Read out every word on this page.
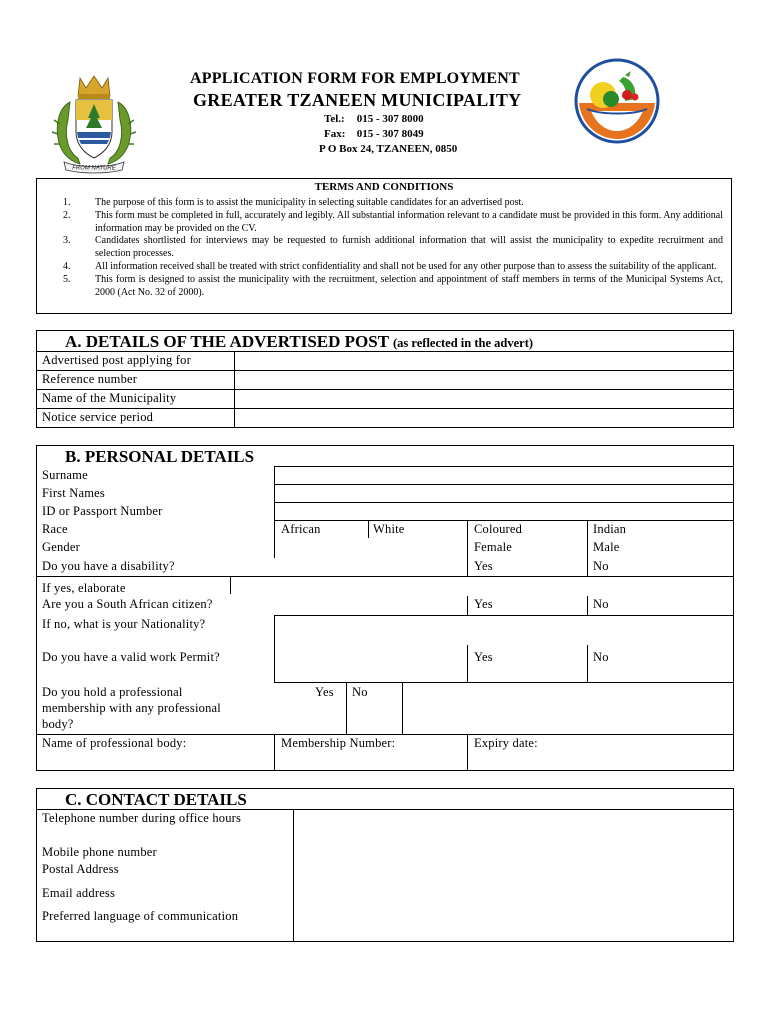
FROM NATURE
APPLICATION FORM FOR EMPLOYMENT
GREATER TZANEEN MUNICIPALITY
Tel.: 015 - 307 8000
Fax: 015 - 307 8049
P O Box 24, TZANEEN, 0850
TERMS AND CONDITIONS
1. The purpose of this form is to assist the municipality in selecting suitable candidates for an advertised post.
2. This form must be completed in full, accurately and legibly. All substantial information relevant to a candidate must be provided in this form. Any additional information may be provided on the CV.
3. Candidates shortlisted for interviews may be requested to furnish additional information that will assist the municipality to expedite recruitment and selection processes.
4. All information received shall be treated with strict confidentiality and shall not be used for any other purpose than to assess the suitability of the applicant.
5. This form is designed to assist the municipality with the recruitment, selection and appointment of staff members in terms of the Municipal Systems Act, 2000 (Act No. 32 of 2000).
A. DETAILS OF THE ADVERTISED POST (as reflected in the advert)
Advertised post applying for
Reference number
Name of the Municipality
Notice service period
B. PERSONAL DETAILS
Surname
First Names
ID or Passport Number
Race	African	White	Coloured	Indian
Gender	Female	Male
Do you have a disability?	Yes	No
If yes, elaborate
Are you a South African citizen?	Yes	No
If no, what is your Nationality?
Do you have a valid work Permit?	Yes	No
Do you hold a professional
membership with any professional
body?
Yes No
Name of professional body:	Membership Number:	Expiry date:
C. CONTACT DETAILS
Telephone number during office hours
Mobile phone number
Postal Address
Email address
Preferred language of communication
